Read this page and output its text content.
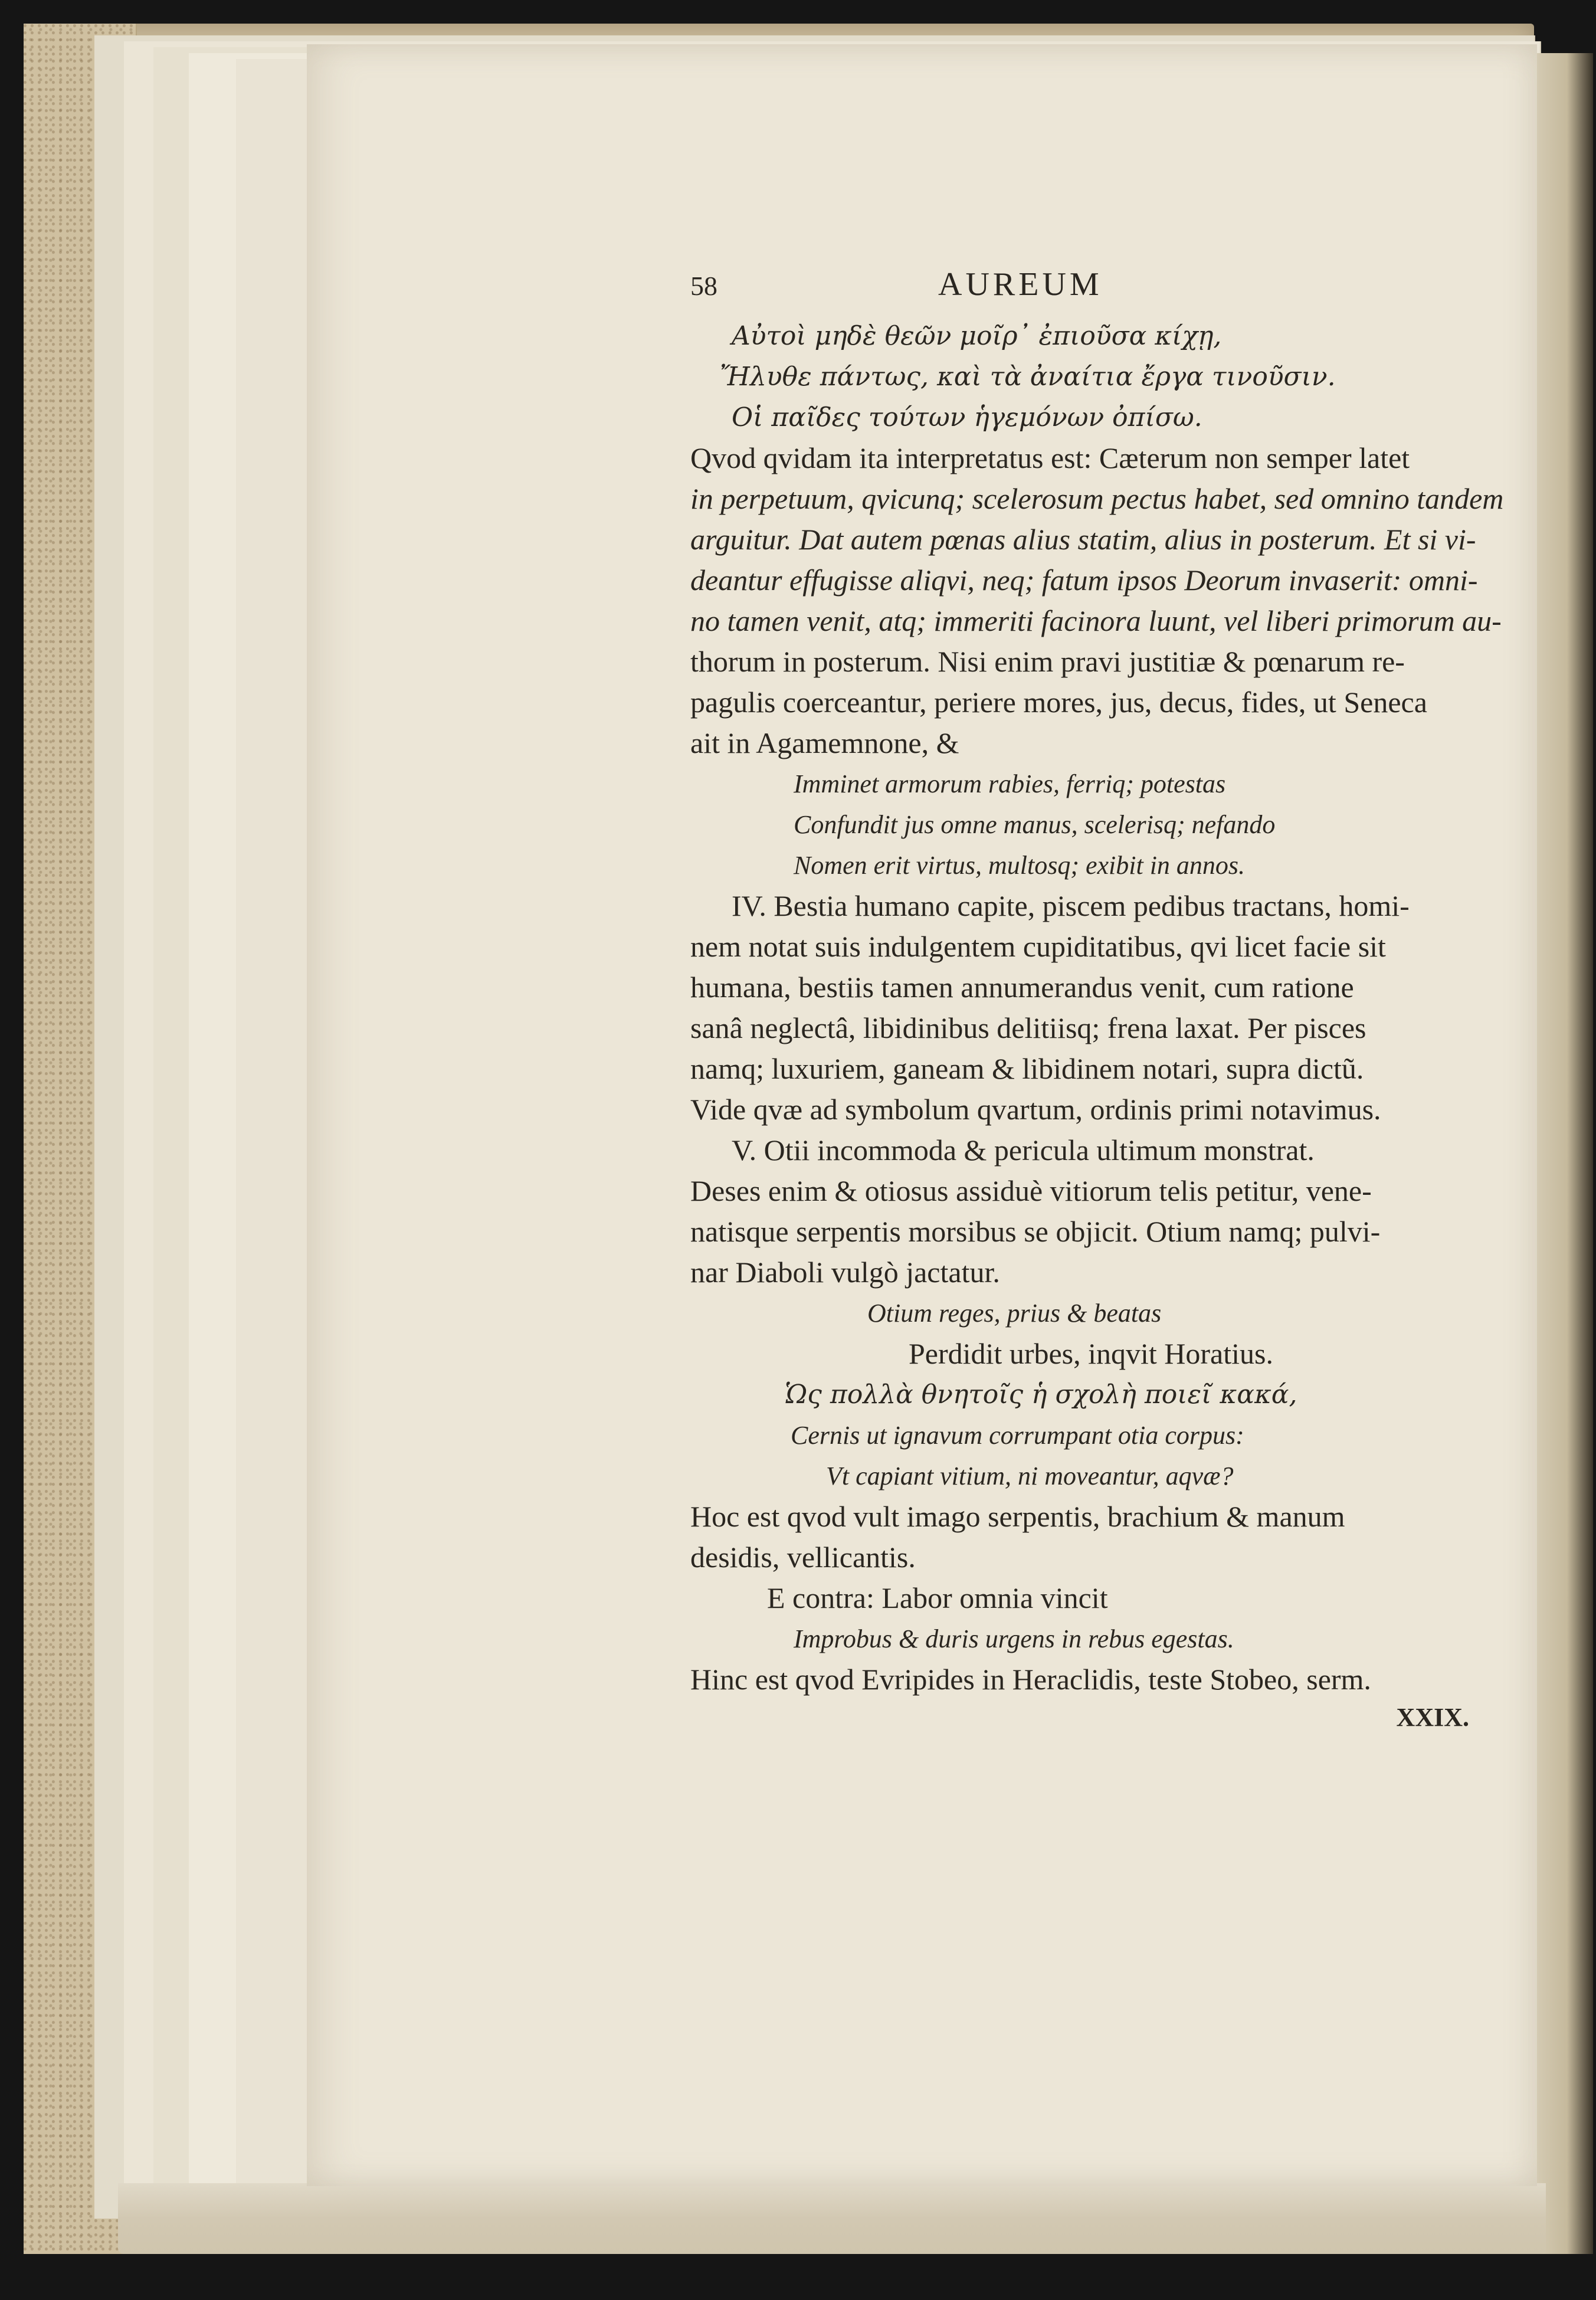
58	AUREUM
Αὐτοὶ μηδὲ θεῶν μοῖρ᾽ ἐπιοῦσα κίχῃ,
Ἤλυθε πάντως, καὶ τὰ ἀναίτια ἔργα τινοῦσιν.
Οἱ παῖδες τούτων ἡγεμόνων ὀπίσω.
Qvod qvidam ita interpretatus est: Cæterum non semper latet
in perpetuum, qvicunq; scelerosum pectus habet, sed omnino tandem
arguitur. Dat autem pœnas alius statim, alius in posterum. Et si vi-
deantur effugisse aliqvi, neq; fatum ipsos Deorum invaserit: omni-
no tamen venit, atq; immeriti facinora luunt, vel liberi primorum au-
thorum in posterum. Nisi enim pravi justitiæ & pœnarum re-
pagulis coerceantur, periere mores, jus, decus, fides, ut Seneca
ait in Agamemnone, &
Imminet armorum rabies, ferriq; potestas
Confundit jus omne manus, scelerisq; nefando
Nomen erit virtus, multosq; exibit in annos.
IV. Bestia humano capite, piscem pedibus tractans, homi-
nem notat suis indulgentem cupiditatibus, qvi licet facie sit
humana, bestiis tamen annumerandus venit, cum ratione
sanâ neglectâ, libidinibus delitiisq; frena laxat. Per pisces
namq; luxuriem, ganeam & libidinem notari, supra dictũ.
Vide qvæ ad symbolum qvartum, ordinis primi notavimus.
V. Otii incommoda & pericula ultimum monstrat.
Deses enim & otiosus assiduè vitiorum telis petitur, vene-
natisque serpentis morsibus se objicit. Otium namq; pulvi-
nar Diaboli vulgò jactatur.
Otium reges, prius & beatas
Perdidit urbes, inqvit Horatius.
Ὡς πολλὰ θνητοῖς ἡ σχολὴ ποιεῖ κακά,
Cernis ut ignavum corrumpant otia corpus:
Vt capiant vitium, ni moveantur, aqvæ?
Hoc est qvod vult imago serpentis, brachium & manum
desidis, vellicantis.
E contra: Labor omnia vincit
Improbus & duris urgens in rebus egestas.
Hinc est qvod Evripides in Heraclidis, teste Stobeo, serm.
XXIX.
